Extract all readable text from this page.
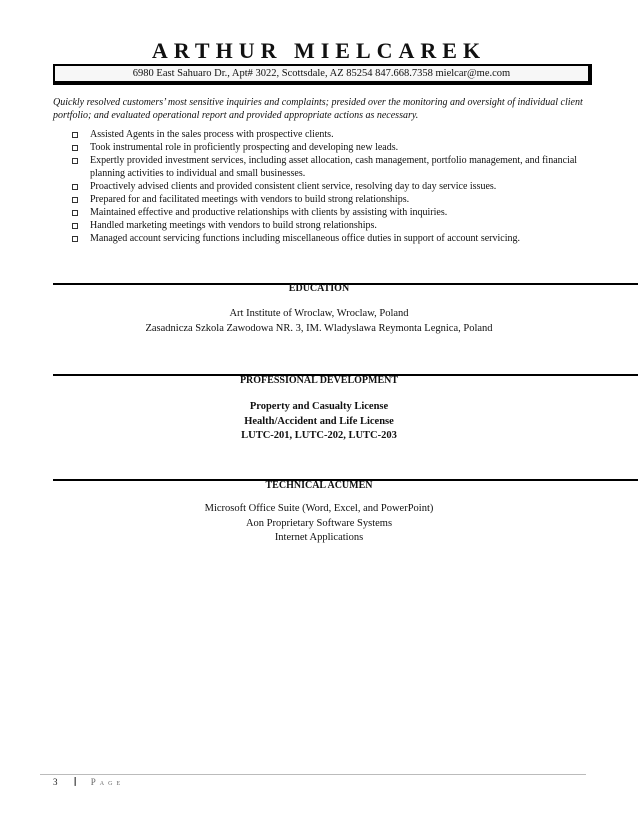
ARTHUR MIELCAREK
6980 East Sahuaro Dr., Apt# 3022, Scottsdale, AZ 85254 847.668.7358 mielcar@me.com
Quickly resolved customers’ most sensitive inquiries and complaints; presided over the monitoring and oversight of individual client portfolio; and evaluated operational report and provided appropriate actions as necessary.
Assisted Agents in the sales process with prospective clients.
Took instrumental role in proficiently prospecting and developing new leads.
Expertly provided investment services, including asset allocation, cash management, portfolio management, and financial planning activities to individual and small businesses.
Proactively advised clients and provided consistent client service, resolving day to day service issues.
Prepared for and facilitated meetings with vendors to build strong relationships.
Maintained effective and productive relationships with clients by assisting with inquiries.
Handled marketing meetings with vendors to build strong relationships.
Managed account servicing functions including miscellaneous office duties in support of account servicing.
EDUCATION
Art Institute of Wroclaw, Wroclaw, Poland
Zasadnicza Szkola Zawodowa NR. 3, IM. Wladyslawa Reymonta Legnica, Poland
PROFESSIONAL DEVELOPMENT
Property and Casualty License
Health/Accident and Life License
LUTC-201, LUTC-202, LUTC-203
TECHNICAL ACUMEN
Microsoft Office Suite (Word, Excel, and PowerPoint)
Aon Proprietary Software Systems
Internet Applications
3 | Page
